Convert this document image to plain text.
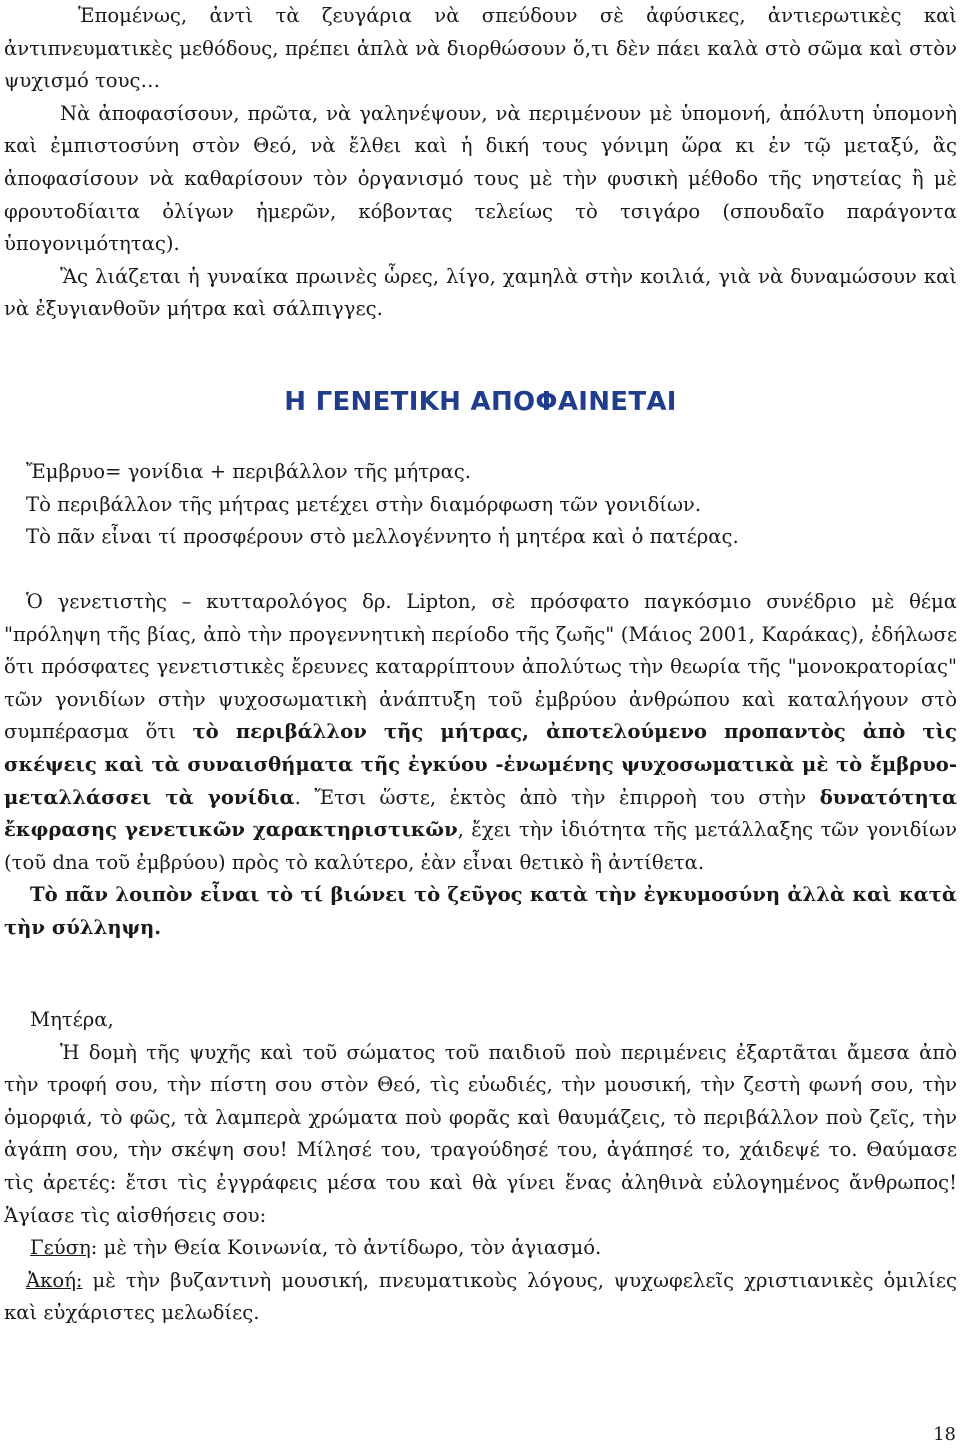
Ἑπομένως, ἀντὶ τὰ ζευγάρια νὰ σπεύδουν σὲ ἀφύσικες, ἀντιερωτικὲς καὶ ἀντιπνευματικὲς μεθόδους, πρέπει ἁπλὰ νὰ διορθώσουν ὅ,τι δὲν πάει καλὰ στὸ σῶμα καὶ στὸν ψυχισμό τους…

Νὰ ἀποφασίσουν, πρῶτα, νὰ γαληνέψουν, νὰ περιμένουν μὲ ὑπομονή, ἀπόλυτη ὑπομονὴ καὶ ἐμπιστοσύνη στὸν Θεό, νὰ ἔλθει καὶ ἡ δική τους γόνιμη ὥρα κι ἐν τῷ μεταξύ, ἂς ἀποφασίσουν νὰ καθαρίσουν τὸν ὀργανισμό τους μὲ τὴν φυσικὴ μέθοδο τῆς νηστείας ἢ μὲ φρουτοδίαιτα ὀλίγων ἡμερῶν, κόβοντας τελείως τὸ τσιγάρο (σπουδαῖο παράγοντα ὑπογονιμότητας).

Ἂς λιάζεται ἡ γυναίκα πρωινὲς ὧρες, λίγο, χαμηλὰ στὴν κοιλιά, γιὰ νὰ δυναμώσουν καὶ νὰ ἐξυγιανθοῦν μήτρα καὶ σάλπιγγες.

Η ΓΕΝΕΤΙΚΗ ΑΠΟΦΑΙΝΕΤΑΙ

Ἔμβρυο= γονίδια + περιβάλλον τῆς μήτρας.

Τὸ περιβάλλον τῆς μήτρας μετέχει στὴν διαμόρφωση τῶν γονιδίων.

Τὸ πᾶν εἶναι τί προσφέρουν στὸ μελλογέννητο ἡ μητέρα καὶ ὁ πατέρας.

Ὁ γενετιστὴς – κυτταρολόγος δρ. Lipton, σὲ πρόσφατο παγκόσμιο συνέδριο μὲ θέμα "πρόληψη τῆς βίας, ἀπὸ τὴν προγεννητικὴ περίοδο τῆς ζωῆς" (Μάιος 2001, Καράκας), ἐδήλωσε ὅτι πρόσφατες γενετιστικὲς ἔρευνες καταρρίπτουν ἀπολύτως τὴν θεωρία τῆς "μονοκρατορίας" τῶν γονιδίων στὴν ψυχοσωματικὴ ἀνάπτυξη τοῦ ἐμβρύου ἀνθρώπου καὶ καταλήγουν στὸ συμπέρασμα ὅτι τὸ περιβάλλον τῆς μήτρας, ἀποτελούμενο προπαντὸς ἀπὸ τὶς σκέψεις καὶ τὰ συναισθήματα τῆς ἐγκύου -ἑνωμένης ψυχοσωματικὰ μὲ τὸ ἔμβρυο- μεταλλάσσει τὰ γονίδια. Ἔτσι ὥστε, ἐκτὸς ἀπὸ τὴν ἐπιρροὴ του στὴν δυνατότητα ἔκφρασης γενετικῶν χαρακτηριστικῶν, ἔχει τὴν ἰδιότητα τῆς μετάλλαξης τῶν γονιδίων (τοῦ dna τοῦ ἐμβρύου) πρὸς τὸ καλύτερο, ἐὰν εἶναι θετικὸ ἢ ἀντίθετα.

Τὸ πᾶν λοιπὸν εἶναι τὸ τί βιώνει τὸ ζεῦγος κατὰ τὴν ἐγκυμοσύνη ἀλλὰ καὶ κατὰ τὴν σύλληψη.

Μητέρα,

Ἡ δομὴ τῆς ψυχῆς καὶ τοῦ σώματος τοῦ παιδιοῦ ποὺ περιμένεις ἐξαρτᾶται ἄμεσα ἀπὸ τὴν τροφή σου, τὴν πίστη σου στὸν Θεό, τὶς εὐωδιές, τὴν μουσική, τὴν ζεστὴ φωνή σου, τὴν ὀμορφιά, τὸ φῶς, τὰ λαμπερὰ χρώματα ποὺ φορᾶς καὶ θαυμάζεις, τὸ περιβάλλον ποὺ ζεῖς, τὴν ἀγάπη σου, τὴν σκέψη σου! Μίλησέ του, τραγούδησέ του, ἀγάπησέ το, χάιδεψέ το. Θαύμασε τὶς ἀρετές: ἔτσι τὶς ἐγγράφεις μέσα του καὶ θὰ γίνει ἕνας ἀληθινὰ εὐλογημένος ἄνθρωπος! Ἁγίασε τὶς αἰσθήσεις σου:

Γεύση: μὲ τὴν Θεία Κοινωνία, τὸ ἀντίδωρο, τὸν ἁγιασμό.

Ἀκοή: μὲ τὴν βυζαντινὴ μουσική, πνευματικοὺς λόγους, ψυχωφελεῖς χριστιανικὲς ὁμιλίες καὶ εὐχάριστες μελωδίες.

18
